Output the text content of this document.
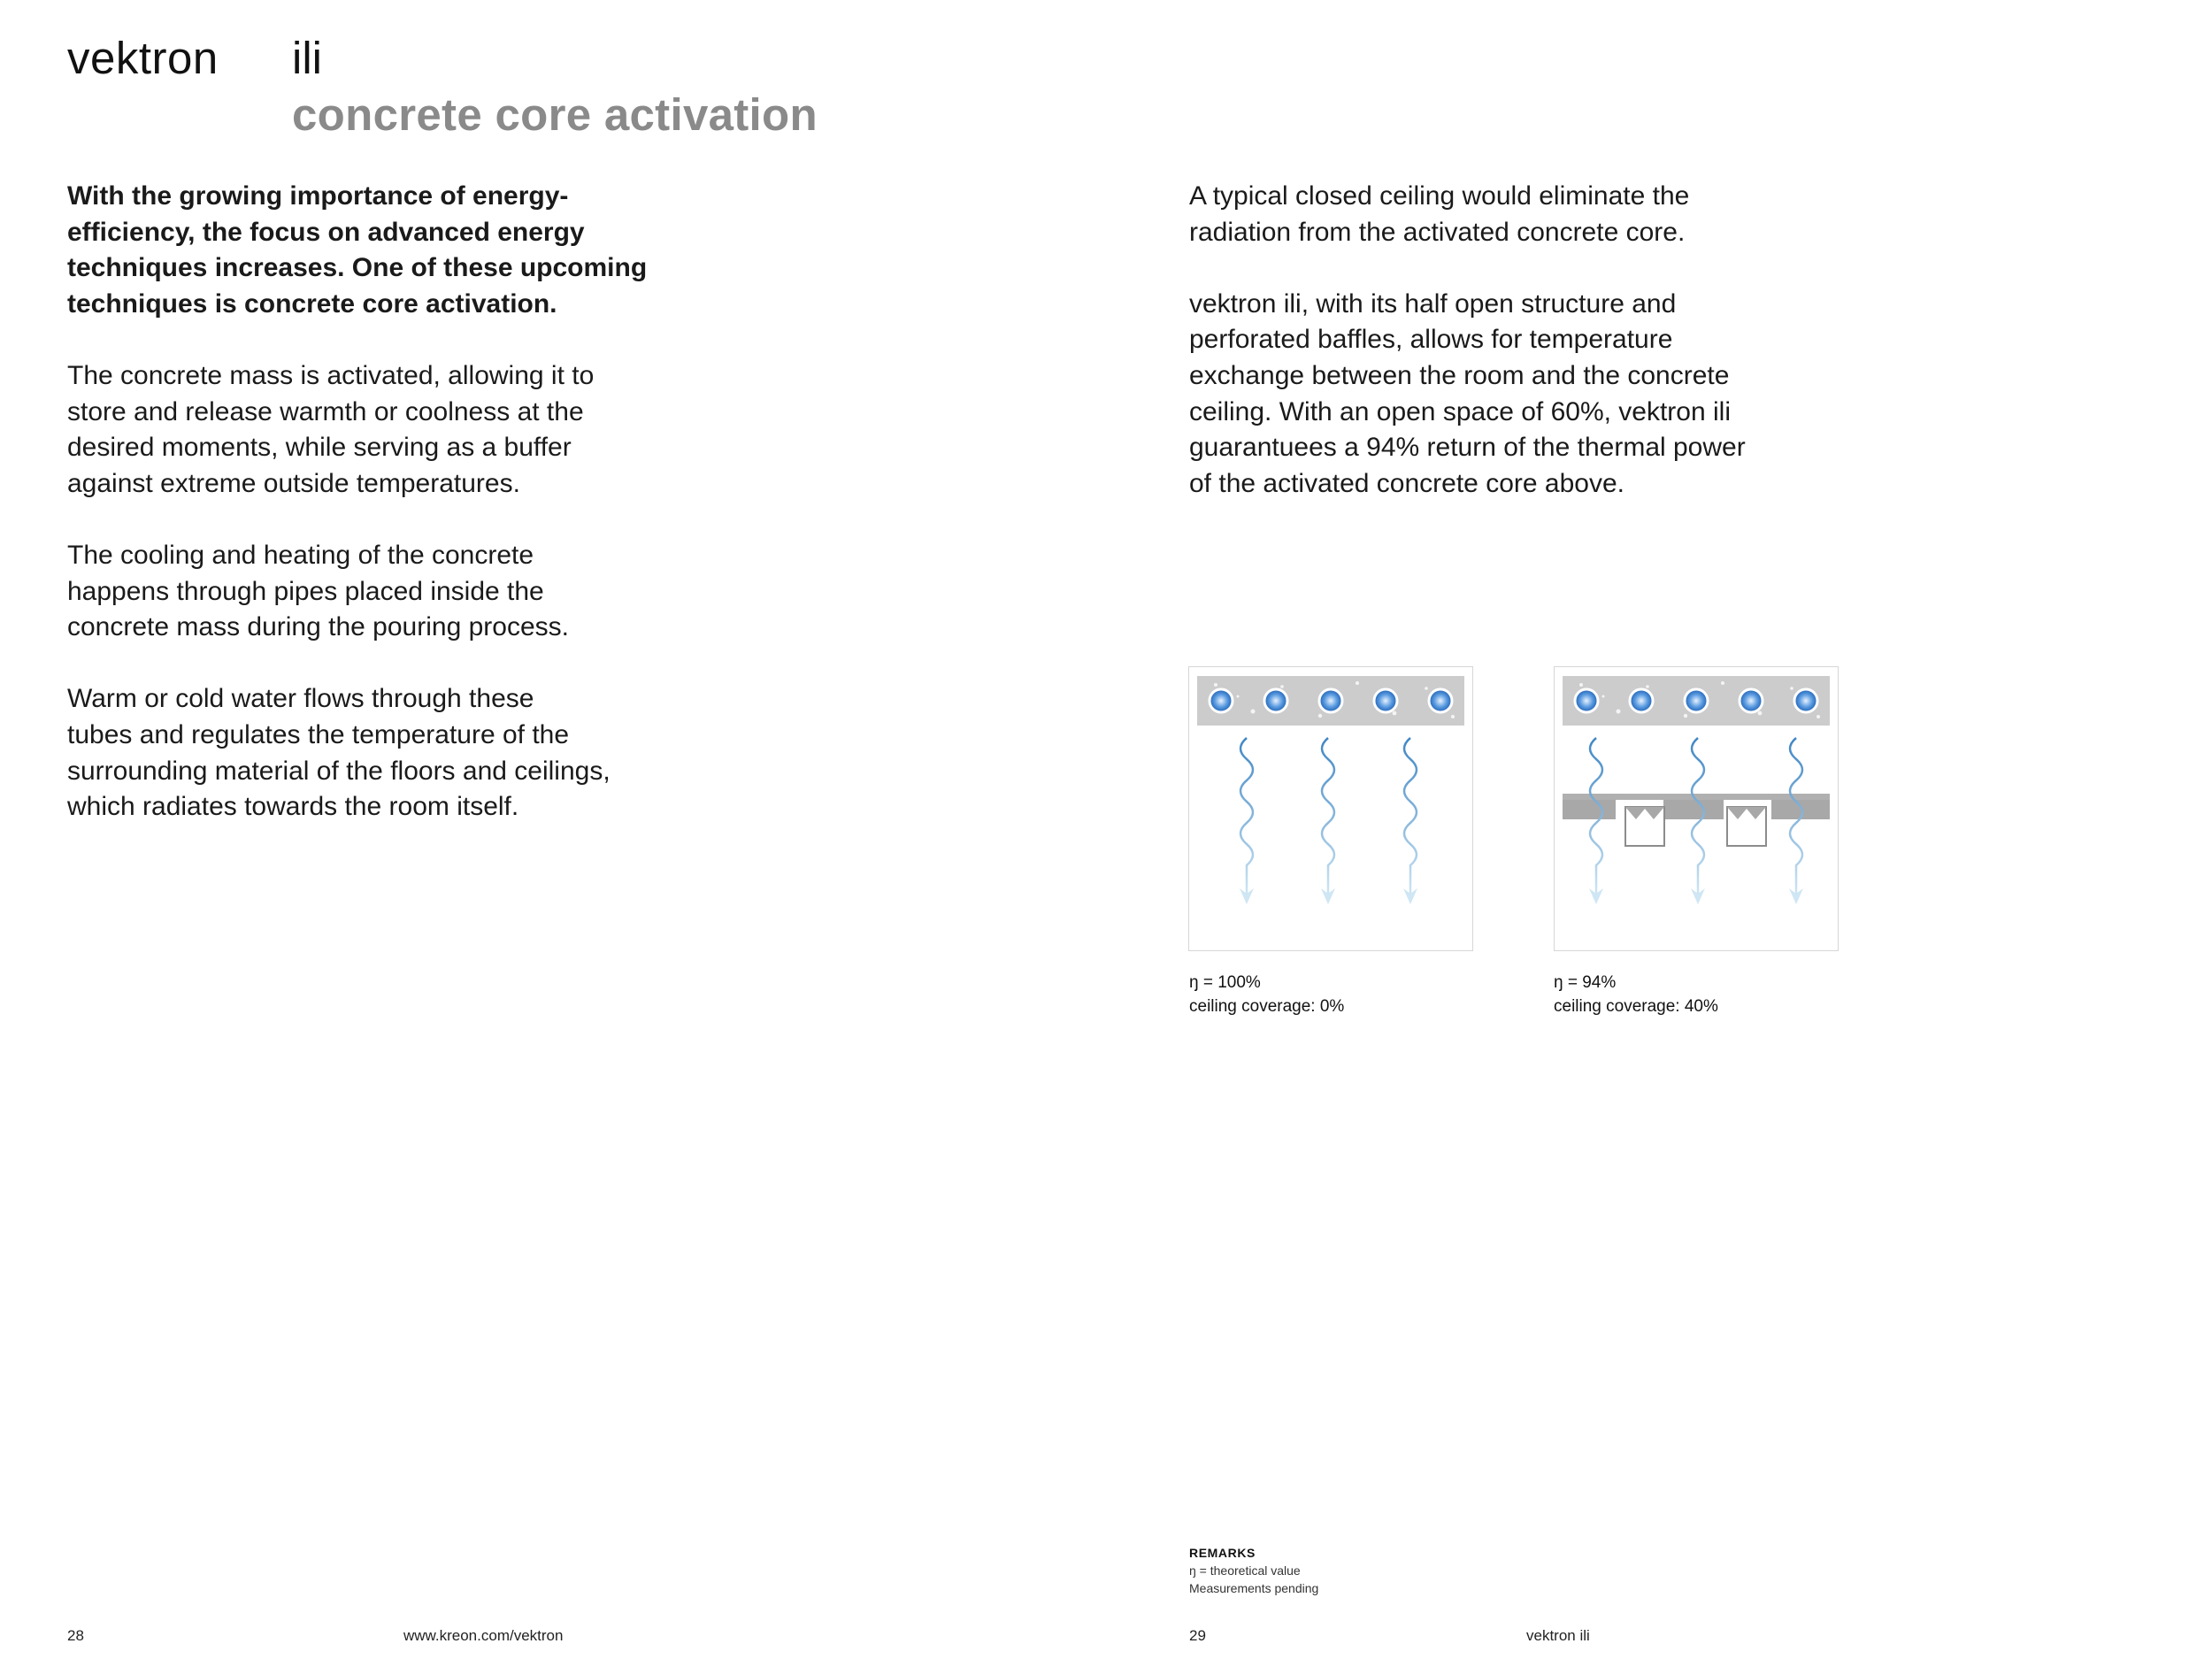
vektron ili
concrete core activation

With the growing importance of energy-
efficiency, the focus on advanced energy
techniques increases. One of these upcoming
techniques is concrete core activation.

The concrete mass is activated, allowing it to
store and release warmth or coolness at the
desired moments, while serving as a buffer
against extreme outside temperatures.

The cooling and heating of the concrete
happens through pipes placed inside the
concrete mass during the pouring process.

Warm or cold water flows through these
tubes and regulates the temperature of the
surrounding material of the floors and ceilings,
which radiates towards the room itself.

A typical closed ceiling would eliminate the
radiation from the activated concrete core.

vektron ili, with its half open structure and
perforated baffles, allows for temperature
exchange between the room and the concrete
ceiling. With an open space of 60%, vektron ili
guarantuees a 94% return of the thermal power
of the activated concrete core above.

ŋ = 100%
ceiling coverage: 0%
ŋ = 94%
ceiling coverage: 40%
REMARKS
ŋ = theoretical value
Measurements pending
28	www.kreon.com/vektron	29	vektron ili
